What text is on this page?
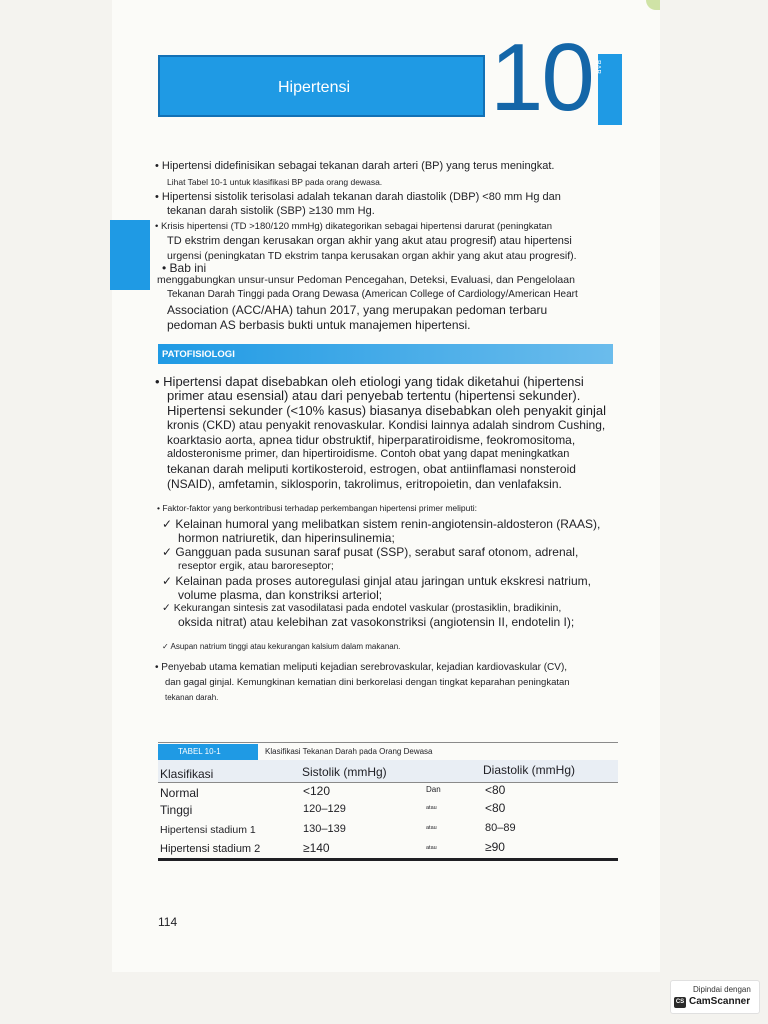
Hipertensi 10 BAB
• Hipertensi didefinisikan sebagai tekanan darah arteri (BP) yang terus meningkat.
Lihat Tabel 10-1 untuk klasifikasi BP pada orang dewasa.
• Hipertensi sistolik terisolasi adalah tekanan darah diastolik (DBP) <80 mm Hg dan
tekanan darah sistolik (SBP) ≥130 mm Hg.
• Krisis hipertensi (TD >180/120 mmHg) dikategorikan sebagai hipertensi darurat (peningkatan
TD ekstrim dengan kerusakan organ akhir yang akut atau progresif) atau hipertensi
urgensi (peningkatan TD ekstrim tanpa kerusakan organ akhir yang akut atau progresif).
• Bab ini
menggabungkan unsur-unsur Pedoman Pencegahan, Deteksi, Evaluasi, dan Pengelolaan
Tekanan Darah Tinggi pada Orang Dewasa (American College of Cardiology/American Heart
Association (ACC/AHA) tahun 2017, yang merupakan pedoman terbaru
pedoman AS berbasis bukti untuk manajemen hipertensi.
PATOFISIOLOGI
• Hipertensi dapat disebabkan oleh etiologi yang tidak diketahui (hipertensi
primer atau esensial) atau dari penyebab tertentu (hipertensi sekunder).
Hipertensi sekunder (<10% kasus) biasanya disebabkan oleh penyakit ginjal
kronis (CKD) atau penyakit renovaskular. Kondisi lainnya adalah sindrom Cushing,
koarktasio aorta, apnea tidur obstruktif, hiperparatiroidisme, feokromositoma,
aldosteronisme primer, dan hipertiroidisme. Contoh obat yang dapat meningkatkan
tekanan darah meliputi kortikosteroid, estrogen, obat antiinflamasi nonsteroid
(NSAID), amfetamin, siklosporin, takrolimus, eritropoietin, dan venlafaksin.
• Faktor-faktor yang berkontribusi terhadap perkembangan hipertensi primer meliputi:
✓ Kelainan humoral yang melibatkan sistem renin-angiotensin-aldosteron (RAAS),
hormon natriuretik, dan hiperinsulinemia;
✓ Gangguan pada susunan saraf pusat (SSP), serabut saraf otonom, adrenal,
reseptor ergik, atau baroreseptor;
✓ Kelainan pada proses autoregulasi ginjal atau jaringan untuk ekskresi natrium,
volume plasma, dan konstriksi arteriol;
✓ Kekurangan sintesis zat vasodilatasi pada endotel vaskular (prostasiklin, bradikinin,
oksida nitrat) atau kelebihan zat vasokonstriksi (angiotensin II, endotelin I);
✓ Asupan natrium tinggi atau kekurangan kalsium dalam makanan.
• Penyebab utama kematian meliputi kejadian serebrovaskular, kejadian kardiovaskular (CV),
dan gagal ginjal. Kemungkinan kematian dini berkorelasi dengan tingkat keparahan peningkatan
tekanan darah.
TABEL 10-1	Klasifikasi Tekanan Darah pada Orang Dewasa
Klasifikasi	Sistolik (mmHg)	Diastolik (mmHg)
Normal	<120	Dan	<80
Tinggi	120–129	atau	<80
Hipertensi stadium 1	130–139	atau	80–89
Hipertensi stadium 2	≥140	atau	≥90
114
Dipindai dengan
CS CamScanner
